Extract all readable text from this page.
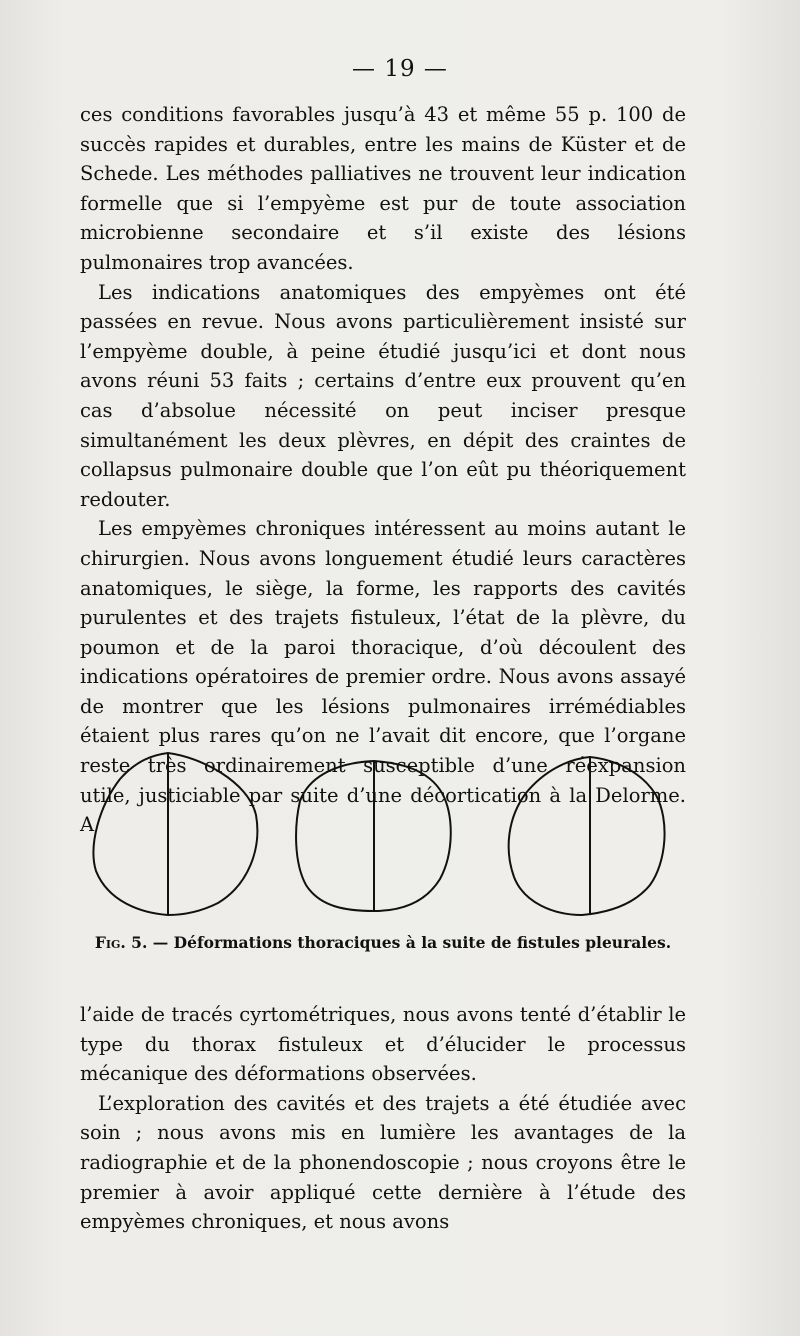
— 19 —

ces conditions favorables jusqu’à 43 et même 55 p. 100 de succès rapides et durables, entre les mains de Küster et de Schede. Les méthodes palliatives ne trouvent leur indication formelle que si l’empyème est pur de toute association microbienne secondaire et s’il existe des lésions pulmonaires trop avancées.

Les indications anatomiques des empyèmes ont été passées en revue. Nous avons particulièrement insisté sur l’empyème double, à peine étudié jusqu’ici et dont nous avons réuni 53 faits ; certains d’entre eux prouvent qu’en cas d’absolue nécessité on peut inciser presque simultanément les deux plèvres, en dépit des craintes de collapsus pulmonaire double que l’on eût pu théoriquement redouter.

Les empyèmes chroniques intéressent au moins autant le chirurgien. Nous avons longuement étudié leurs caractères anatomiques, le siège, la forme, les rapports des cavités purulentes et des trajets fistuleux, l’état de la plèvre, du poumon et de la paroi thoracique, d’où découlent des indications opératoires de premier ordre. Nous avons assayé de montrer que les lésions pulmonaires irrémédiables étaient plus rares qu’on ne l’avait dit encore, que l’organe reste très ordinairement susceptible d’une réexpansion utile, justiciable par suite d’une décortication à la Delorme. A

Fig. 5. — Déformations thoraciques à la suite de fistules pleurales.

l’aide de tracés cyrtométriques, nous avons tenté d’établir le type du thorax fistuleux et d’élucider le processus mécanique des déformations observées.

L’exploration des cavités et des trajets a été étudiée avec soin ; nous avons mis en lumière les avantages de la radiographie et de la phonendoscopie ; nous croyons être le premier à avoir appliqué cette dernière à l’étude des empyèmes chroniques, et nous avons
